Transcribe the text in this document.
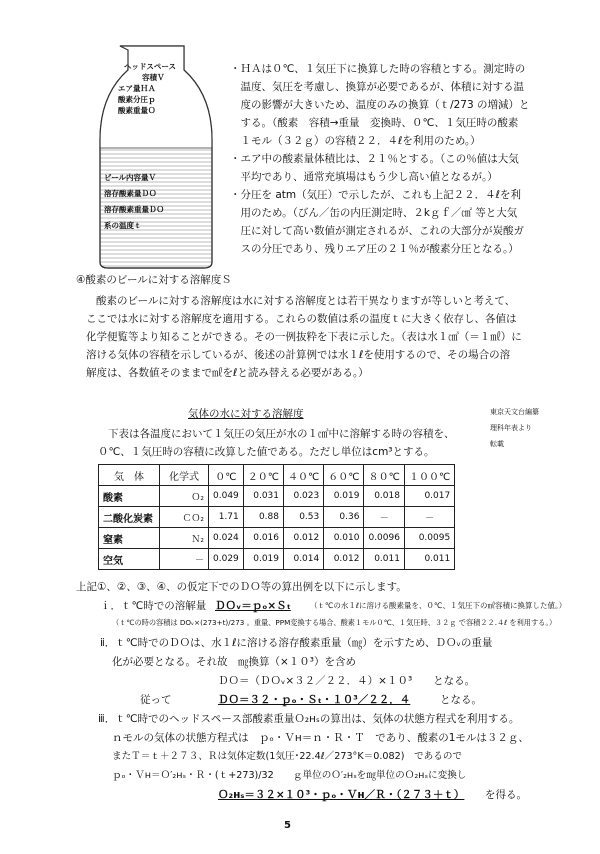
ヘッドスペース
容積Ｖ
エア量ＨＡ
酸素分圧ｐ
酸素重量Ｏ
ビール内容量Ｖ
溶存酸素量ＤＯ
溶存酸素重量ＤＯ
系の温度ｔ
・ＨＡは０℃、１気圧下に換算した時の容積とする。測定時の
　温度、気圧を考慮し、換算が必要であるが、体積に対する温
　度の影響が大きいため、温度のみの換算（ｔ/273 の増減）と
　する。（酸素　容積→重量　変換時、０℃、１気圧時の酸素
　１モル（３２ｇ）の容積２２．４ℓを利用のため。）
・エア中の酸素量体積比は、２１％とする。（この％値は大気
　平均であり、通常充填場はもう少し高い値となるが。）
・分圧を atm（気圧）で示したが、これも上記２２．４ℓを利
　用のため。（びん／缶の内圧測定時、２kｇｆ／㎠ 等と大気
　圧に対して高い数値が測定されるが、これの大部分が炭酸ガ
　スの分圧であり、残りエア圧の２１％が酸素分圧となる。）
④酸素のビールに対する溶解度Ｓ
酸素のビールに対する溶解度は水に対する溶解度とは若干異なりますが等しいと考えて、
ここでは水に対する溶解度を適用する。これらの数値は系の温度ｔに大きく依存し、各値は
化学便覧等より知ることができる。その一例抜粋を下表に示した。（表は水１㎤（＝１㎖）に
溶ける気体の容積を示しているが、後述の計算例では水１ℓを使用するので、その場合の溶
解度は、各数値そのままで㎖をℓと読み替える必要がある。）
気体の水に対する溶解度
下表は各温度において１気圧の気圧が水の１㎤中に溶解する時の容積を、
０℃、１気圧時の容積に改算した値である。ただし単位はcm³とする。
東京天文台編纂
理科年表より
転載
気　体	化学式	０℃	２０℃	４０℃	６０℃	８０℃	１００℃
酸素	Ｏ₂	0.049	0.031	0.023	0.019	0.018	0.017
二酸化炭素	ＣＯ₂	1.71	0.88	0.53	0.36	－	－
窒素	Ｎ₂	0.024	0.016	0.012	0.010	0.0096	0.0095
空気	－	0.029	0.019	0.014	0.012	0.011	0.011
上記①、②、③、④、の仮定下でのＤＯ等の算出例を以下に示します。
ｉ．ｔ℃時での溶解量 ＤＯᵥ＝ｐₒ×Ｓₜ	（ｔ℃の水１ℓに溶ける酸素量を、０℃、１気圧下の㎖容積に換算した値。）
（ｔ℃の時の容積は DOᵥ×(273+t)/273 。重量、PPM変換する場合、酸素１モル０℃、１気圧時、３２ｇ で容積２２.４ℓ を利用する。）
ⅱ．ｔ℃時でのＤＯは、水１ℓに溶ける溶存酸素重量（㎎）を示すため、ＤＯᵥの重量
化が必要となる。それ故　㎎換算（×１０³）を含め
ＤＯ＝（ＤＯᵥ×３２／２２．４）×１０³　　となる。
従って	ＤＯ＝３２・ｐₒ・Ｓₜ・１０³／２２．４	となる。
ⅲ．ｔ℃時でのヘッドスペース部酸素重量Ｏ₂ʜₛの算出は、気体の状態方程式を利用する。
ｎモルの気体の状態方程式は　ｐₒ・Ｖʜ＝ｎ・Ｒ・Ｔ　であり、酸素の1モルは３２ｇ、
またＴ＝ｔ＋２７３、Ｒは気体定数(1気圧･22.4ℓ／273°K＝0.082)　であるので
ｐₒ・Ｖʜ＝Ｏ′₂ʜₛ・Ｒ・(ｔ+273)/32　　ｇ単位のＯ′₂ʜₛを㎎単位のＯ₂ʜₛに変換し
Ｏ₂ʜₛ＝３２×１０³・ｐₒ・Ｖʜ／Ｒ・（２７３＋ｔ） を得る。
5
